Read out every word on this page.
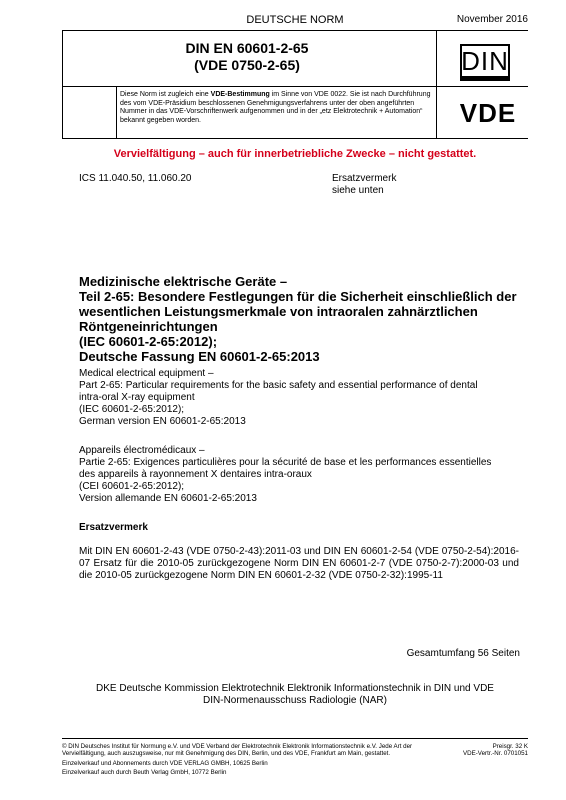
DEUTSCHE NORM	November 2016
DIN EN 60601-2-65
(VDE 0750-2-65)	DIN
Diese Norm ist zugleich eine VDE-Bestimmung im Sinne von VDE 0022. Sie ist nach Durchführung des vom VDE-Präsidium beschlossenen Genehmigungsverfahrens unter der oben angeführten Nummer in das VDE-Vorschriftenwerk aufgenommen und in der „etz Elektrotechnik + Automation“ bekannt gegeben worden.	VDE
Vervielfältigung – auch für innerbetriebliche Zwecke – nicht gestattet.
ICS 11.040.50, 11.060.20	Ersatzvermerk
siehe unten
Medizinische elektrische Geräte –
Teil 2-65: Besondere Festlegungen für die Sicherheit einschließlich der
wesentlichen Leistungsmerkmale von intraoralen zahnärztlichen
Röntgeneinrichtungen
(IEC 60601-2-65:2012);
Deutsche Fassung EN 60601-2-65:2013
Medical electrical equipment –
Part 2-65: Particular requirements for the basic safety and essential performance of dental
intra-oral X-ray equipment
(IEC 60601-2-65:2012);
German version EN 60601-2-65:2013
Appareils électromédicaux –
Partie 2-65: Exigences particulières pour la sécurité de base et les performances essentielles
des appareils à rayonnement X dentaires intra-oraux
(CEI 60601-2-65:2012);
Version allemande EN 60601-2-65:2013
Ersatzvermerk
Mit DIN EN 60601-2-43 (VDE 0750-2-43):2011-03 und DIN EN 60601-2-54 (VDE 0750-2-54):2016-07 Ersatz für die 2010-05 zurückgezogene Norm DIN EN 60601-2-7 (VDE 0750-2-7):2000-03 und die 2010-05 zurückgezogene Norm DIN EN 60601-2-32 (VDE 0750-2-32):1995-11
Gesamtumfang 56 Seiten
DKE Deutsche Kommission Elektrotechnik Elektronik Informationstechnik in DIN und VDE
DIN-Normenausschuss Radiologie (NAR)
© DIN Deutsches Institut für Normung e.V. und VDE Verband der Elektrotechnik Elektronik Informationstechnik e.V. Jede Art der Vervielfältigung, auch auszugsweise, nur mit Genehmigung des DIN, Berlin, und des VDE, Frankfurt am Main, gestattet.
Einzelverkauf und Abonnements durch VDE VERLAG GMBH, 10625 Berlin
Einzelverkauf auch durch Beuth Verlag GmbH, 10772 Berlin
Preisgr. 32 K
VDE-Vertr.-Nr. 0701051
